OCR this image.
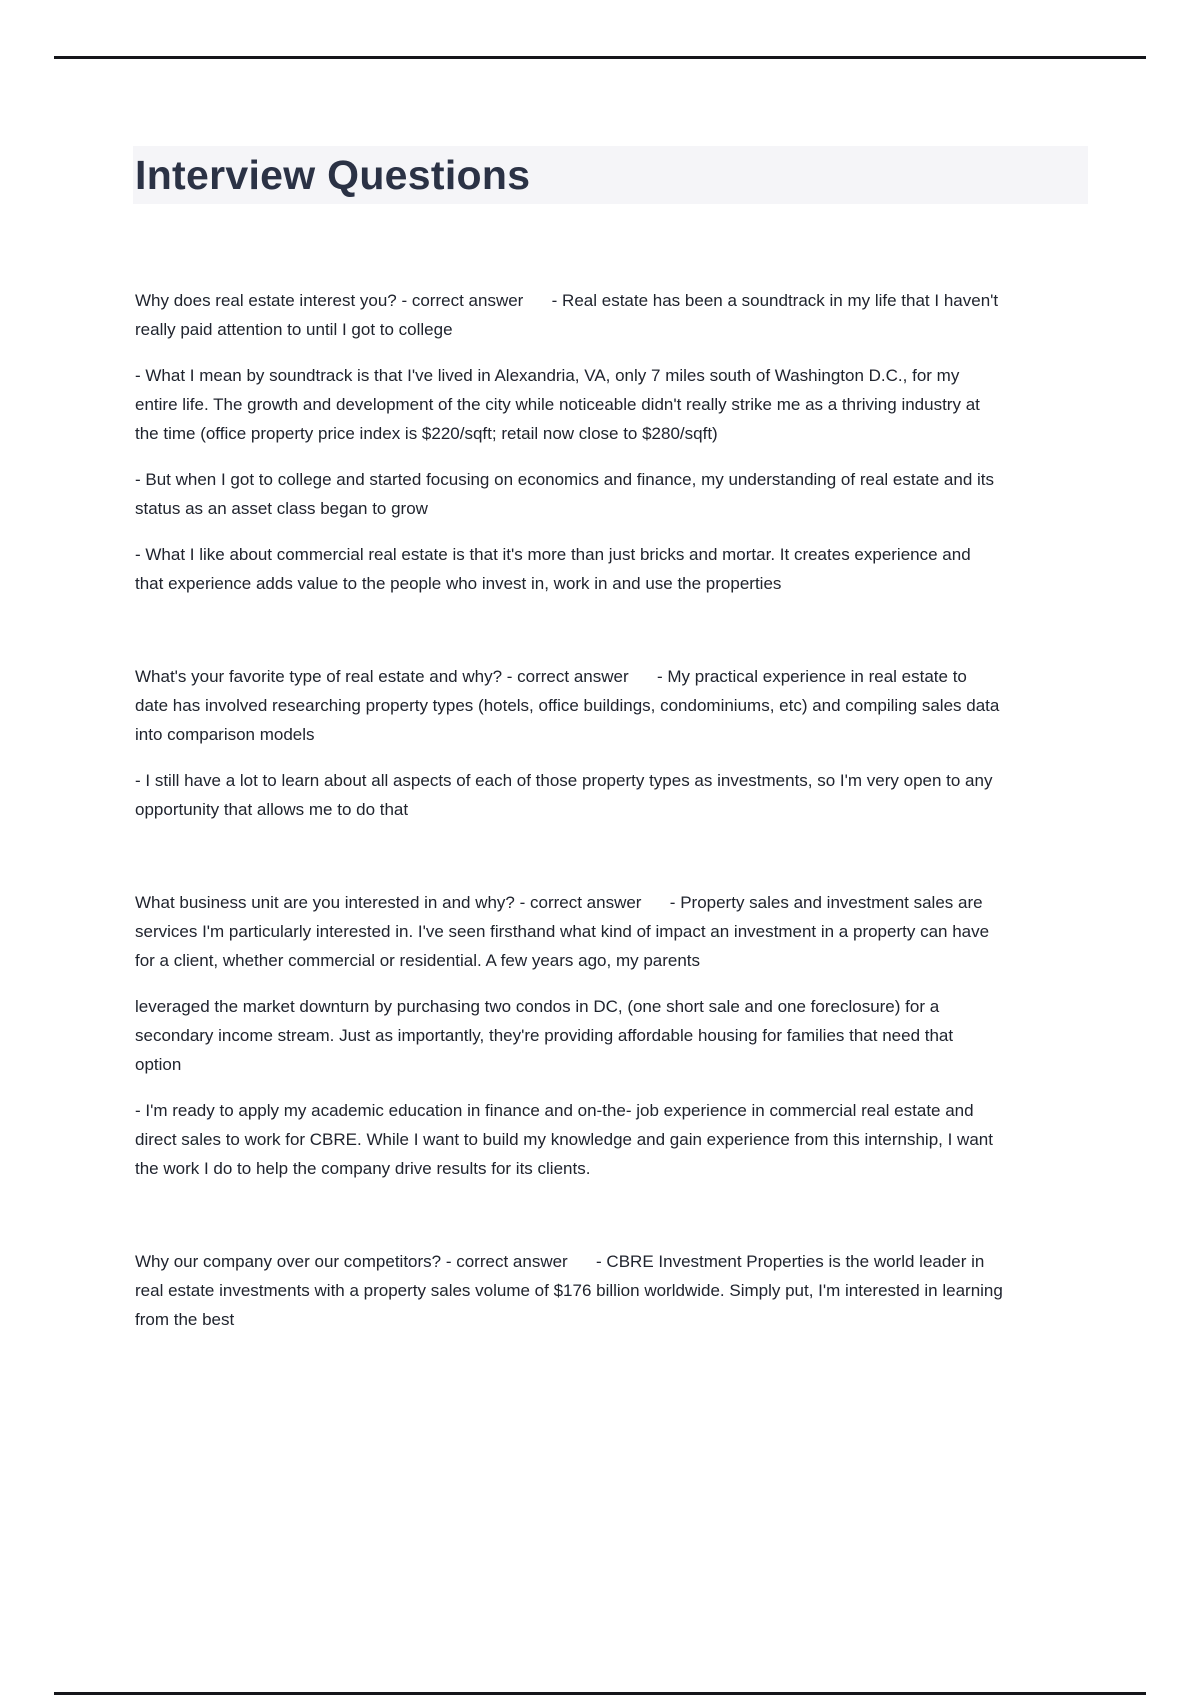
Interview Questions

Why does real estate interest you? - correct answer      - Real estate has been a soundtrack in my life that I haven't really paid attention to until I got to college

- What I mean by soundtrack is that I've lived in Alexandria, VA, only 7 miles south of Washington D.C., for my entire life. The growth and development of the city while noticeable didn't really strike me as a thriving industry at the time (office property price index is $220/sqft; retail now close to $280/sqft)

- But when I got to college and started focusing on economics and finance, my understanding of real estate and its status as an asset class began to grow

- What I like about commercial real estate is that it's more than just bricks and mortar. It creates experience and that experience adds value to the people who invest in, work in and use the properties

What's your favorite type of real estate and why? - correct answer      - My practical experience in real estate to date has involved researching property types (hotels, office buildings, condominiums, etc) and compiling sales data into comparison models

- I still have a lot to learn about all aspects of each of those property types as investments, so I'm very open to any opportunity that allows me to do that

What business unit are you interested in and why? - correct answer      - Property sales and investment sales are services I'm particularly interested in. I've seen firsthand what kind of impact an investment in a property can have for a client, whether commercial or residential. A few years ago, my parents

leveraged the market downturn by purchasing two condos in DC, (one short sale and one foreclosure) for a secondary income stream. Just as importantly, they're providing affordable housing for families that need that option

- I'm ready to apply my academic education in finance and on-the- job experience in commercial real estate and direct sales to work for CBRE. While I want to build my knowledge and gain experience from this internship, I want the work I do to help the company drive results for its clients.

Why our company over our competitors? - correct answer      - CBRE Investment Properties is the world leader in real estate investments with a property sales volume of $176 billion worldwide. Simply put, I'm interested in learning from the best
